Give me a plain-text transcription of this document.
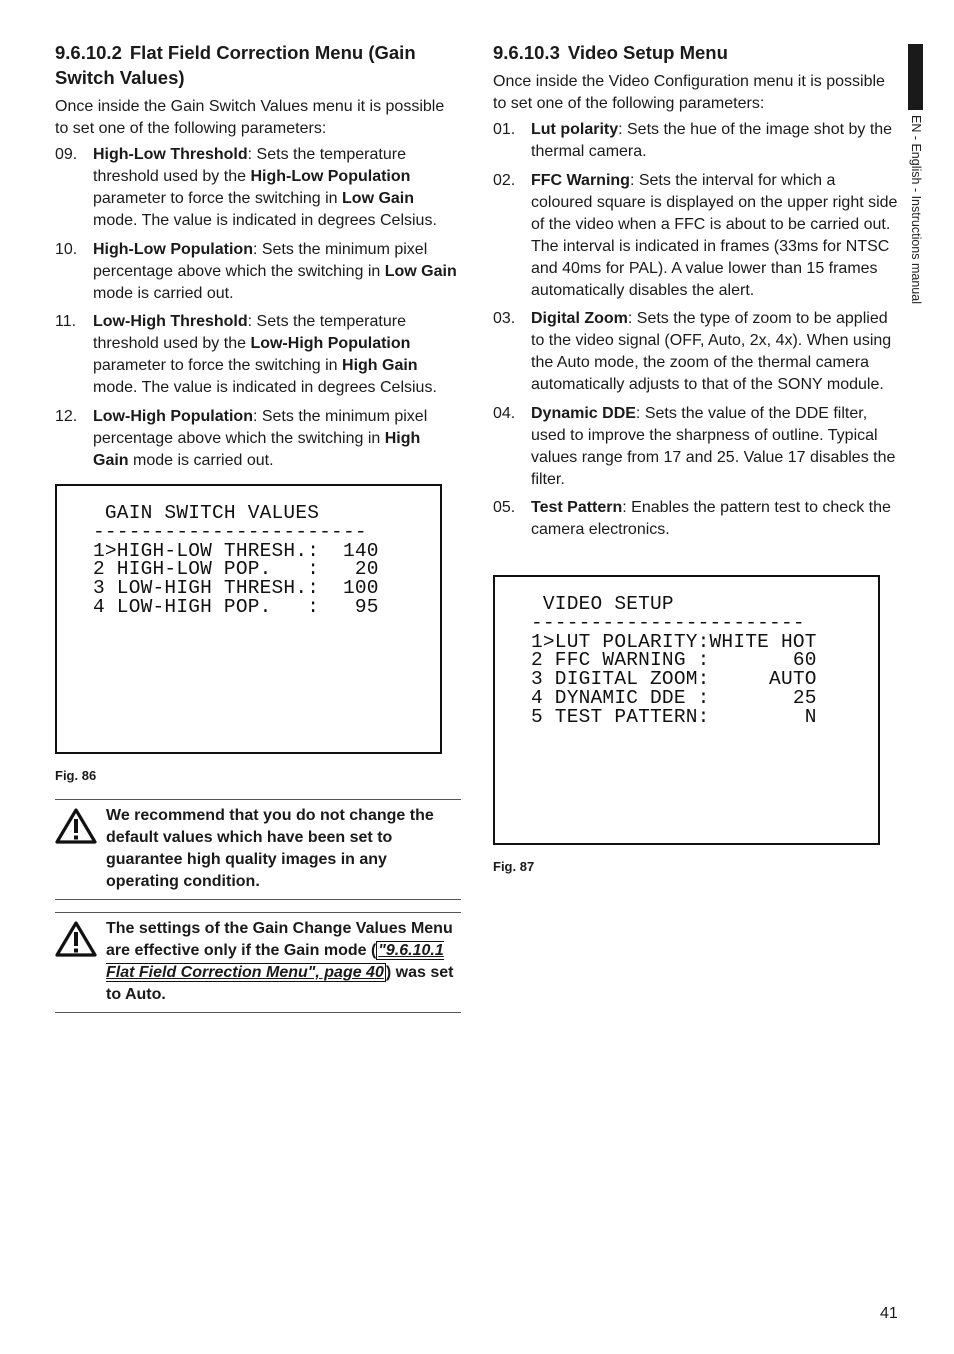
9.6.10.2 Flat Field Correction Menu (Gain Switch Values)

Once inside the Gain Switch Values menu it is possible to set one of the following parameters:

09. High-Low Threshold: Sets the temperature threshold used by the High-Low Population parameter to force the switching in Low Gain mode. The value is indicated in degrees Celsius.
10. High-Low Population: Sets the minimum pixel percentage above which the switching in Low Gain mode is carried out.
11.	Low-High Threshold: Sets the temperature threshold used by the Low-High Population parameter to force the switching in High Gain mode. The value is indicated in degrees Celsius.
12. Low-High Population: Sets the minimum pixel percentage above which the switching in High Gain mode is carried out.
GAIN SWITCH VALUES
-----------------------
1>HIGH-LOW THRESH.:  140
2 HIGH-LOW POP.   :   20
3 LOW-HIGH THRESH.:  100
4 LOW-HIGH POP.   :   95
Fig. 86
We recommend that you do not change the default values which have been set to guarantee high quality images in any operating condition.
The settings of the Gain Change Values Menu are effective only if the Gain mode ( "9.6.10.1 Flat Field Correction Menu", page 40 ) was set to Auto.
9.6.10.3 Video Setup Menu

Once inside the Video Configuration menu it is possible to set one of the following parameters:

01. Lut polarity: Sets the hue of the image shot by the thermal camera.
02. FFC Warning: Sets the interval for which a coloured square is displayed on the upper right side of the video when a FFC is about to be carried out. The interval is indicated in frames (33ms for NTSC and 40ms for PAL). A value lower than 15 frames automatically disables the alert.
03. Digital Zoom: Sets the type of zoom to be applied to the video signal (OFF, Auto, 2x, 4x). When using the Auto mode, the zoom of the thermal camera automatically adjusts to that of the SONY module.
04. Dynamic DDE: Sets the value of the DDE filter, used to improve the sharpness of outline. Typical values range from 17 and 25. Value 17 disables the filter.
05. Test Pattern: Enables the pattern test to check the camera electronics.
VIDEO SETUP
-----------------------
1>LUT POLARITY:WHITE HOT
2 FFC WARNING :       60
3 DIGITAL ZOOM:     AUTO
4 DYNAMIC DDE :       25
5 TEST PATTERN:        N
Fig. 87
EN - English - Instructions manual
41
